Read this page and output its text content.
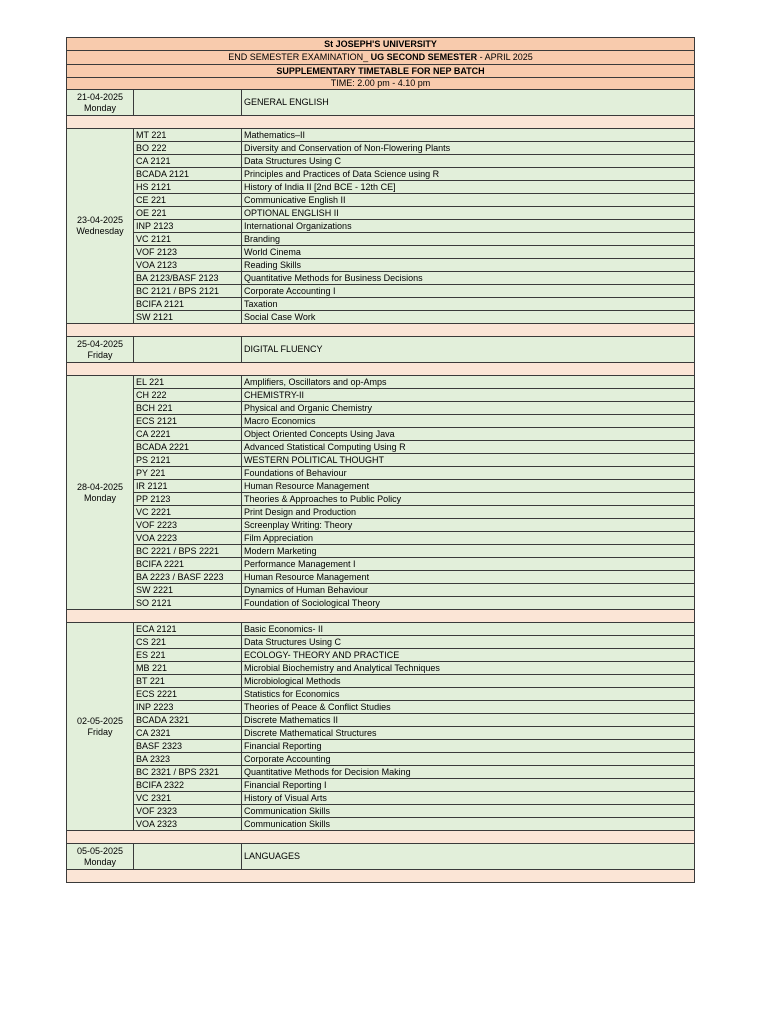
St JOSEPH'S UNIVERSITY		
END SEMESTER EXAMINATION_ UG SECOND SEMESTER - APRIL 2025		
SUPPLEMENTARY TIMETABLE FOR NEP BATCH		
TIME: 2.00 pm - 4.10 pm		

21-04-2025
Monday		GENERAL ENGLISH

23-04-2025
Wednesday	MT 221	Mathematics–II
	BO 222	Diversity and Conservation of Non-Flowering Plants
	CA 2121	Data Structures Using C
	BCADA 2121	Principles and Practices of Data Science using R
	HS 2121	History of India II [2nd BCE - 12th CE]
	CE 221	Communicative English II
	OE 221	OPTIONAL ENGLISH II
	INP 2123	International Organizations
	VC 2121	Branding
	VOF 2123	World Cinema
	VOA 2123	Reading Skills
	BA 2123/BASF 2123	Quantitative Methods for Business Decisions
	BC 2121 / BPS 2121	Corporate Accounting I
	BCIFA 2121	Taxation
	SW 2121	Social Case Work

25-04-2025
Friday		DIGITAL FLUENCY

28-04-2025
Monday	EL 221	Amplifiers, Oscillators and op-Amps
	CH 222	CHEMISTRY-II
	BCH 221	Physical and Organic Chemistry
	ECS 2121	Macro Economics
	CA 2221	Object Oriented Concepts Using Java
	BCADA 2221	Advanced Statistical Computing Using R
	PS 2121	WESTERN POLITICAL THOUGHT
	PY 221	Foundations of Behaviour
	IR 2121	Human Resource Management
	PP 2123	Theories & Approaches to Public Policy
	VC 2221	Print Design and Production
	VOF 2223	Screenplay Writing: Theory
	VOA 2223	Film Appreciation
	BC 2221 / BPS 2221	Modern Marketing
	BCIFA 2221	Performance Management I
	BA 2223 / BASF 2223	Human Resource Management
	SW 2221	Dynamics of Human Behaviour
	SO 2121	Foundation of Sociological Theory

02-05-2025
Friday	ECA 2121	Basic Economics- II
	CS 221	Data Structures Using C
	ES 221	ECOLOGY- THEORY AND PRACTICE
	MB 221	Microbial Biochemistry and Analytical Techniques
	BT 221	Microbiological Methods
	ECS 2221	Statistics for Economics
	INP 2223	Theories of Peace & Conflict Studies
	BCADA 2321	Discrete Mathematics II
	CA 2321	Discrete Mathematical Structures
	BASF 2323	Financial Reporting
	BA 2323	Corporate Accounting
	BC 2321 / BPS 2321	Quantitative Methods for Decision Making
	BCIFA 2322	Financial Reporting I
	VC 2321	History of Visual Arts
	VOF 2323	Communication Skills
	VOA 2323	Communication Skills

05-05-2025
Monday		LANGUAGES
